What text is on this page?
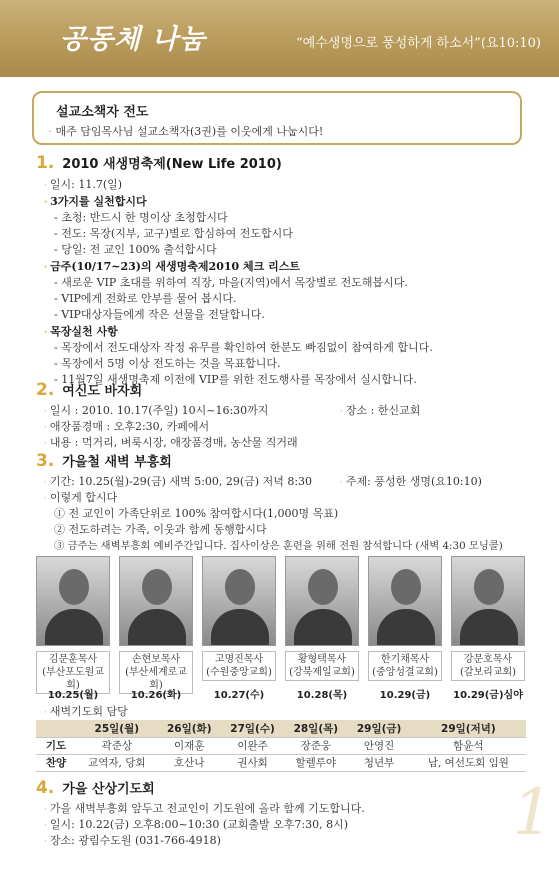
공동체 나눔	“예수생명으로 풍성하게 하소서”(요10:10)
설교소책자 전도
· 매주 담임목사님 설교소책자(3권)를 이웃에게 나눕시다!
1. 2010 새생명축제(New Life 2010)
· 일시: 11.7(일)
· 3가지를 실천합시다
- 초청: 반드시 한 명이상 초청합시다
- 전도: 목장(지부, 교구)별로 합심하여 전도합시다
- 당일: 전 교인 100% 출석합시다
· 금주(10/17~23)의 새생명축제2010 체크 리스트
- 새로운 VIP 초대를 위하여 직장, 마을(지역)에서 목장별로 전도해봅시다.
- VIP에게 전화로 안부를 물어 봅시다.
- VIP대상자들에게 작은 선물을 전달합니다.
· 목장실천 사항
- 목장에서 전도대상자 작정 유무를 확인하여 한분도 빠짐없이 참여하게 합니다.
- 목장에서 5명 이상 전도하는 것을 목표합니다.
- 11월7일 새생명축제 이전에 VIP를 위한 전도행사를 목장에서 실시합니다.
2. 여신도 바자회
· 일시 : 2010. 10.17(주일) 10시~16:30까지	· 장소 : 한신교회
· 애장품경매 : 오후2:30, 카페에서
· 내용 : 먹거리, 벼룩시장, 애장품경매, 농산물 직거래
3. 가을철 새벽 부흥회
· 기간: 10.25(월)-29(금) 새벽 5:00, 29(금) 저녁 8:30	· 주제: 풍성한 생명(요10:10)
· 이렇게 합시다
① 전 교인이 가족단위로 100% 참여합시다(1,000명 목표)
② 전도하려는 가족, 이웃과 함께 동행합시다
③ 금주는 새벽부흥회 예비주간입니다. 집사이상은 훈련을 위해 전원 참석합니다 (새벽 4:30 모닝콜)
김문훈목사
(부산포도원교회)
10.25(월)
손현보목사
(부산세계로교회)
10.26(화)
고명진목사
(수원중앙교회)
10.27(수)
황형택목사
(강북제일교회)
10.28(목)
한기채목사
(중앙성결교회)
10.29(금)
강문호목사
(갈보리교회)
10.29(금)심야
· 새벽기도회 담당
	25일(월)	26일(화)	27일(수)	28일(목)	29일(금)	29일(저녁)
기도	곽준상	이재훈	이완주	장준웅	안영진	함윤석
찬양	교역자, 당회	호산나	권사회	할렐루야	청년부	남, 여선도회 임원
4. 가을 산상기도회
· 가을 새벽부흥회 앞두고 전교인이 기도원에 올라 함께 기도합니다.
· 일시: 10.22(금) 오후8:00~10:30 (교회출발 오후7:30, 8시)
· 장소: 광림수도원 (031-766-4918)	1
